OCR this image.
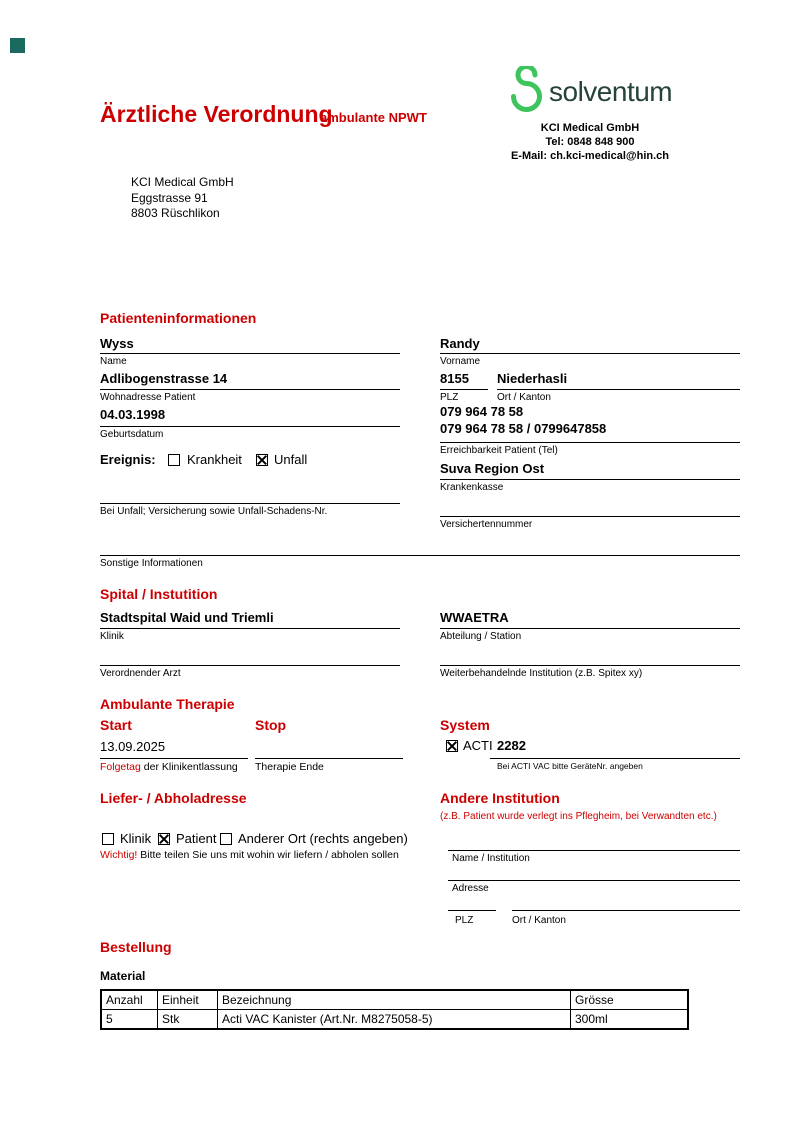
Ärztliche Verordnung
ambulante NPWT
solventum
KCI Medical GmbH
Tel: 0848 848 900
E-Mail: ch.kci-medical@hin.ch
KCI Medical GmbH
Eggstrasse 91
8803 Rüschlikon
Patienteninformationen
Wyss
Name
Adlibogenstrasse 14
Wohnadresse Patient
04.03.1998
Geburtsdatum
Ereignis: Krankheit Unfall
Bei Unfall; Versicherung sowie Unfall-Schadens-Nr.
Randy
Vorname
8155 Niederhasli
PLZ	Ort / Kanton
079 964 78 58
079 964 78 58 / 0799647858
Erreichbarkeit Patient (Tel)
Suva Region Ost
Krankenkasse
Versichertennummer
Sonstige Informationen
Spital / Instutition
Stadtspital Waid und Triemli
Klinik
WWAETRA
Abteilung / Station
Verordnender Arzt	Weiterbehandelnde Institution (z.B. Spitex xy)
Ambulante Therapie
Start	Stop	System
13.09.2025
Folgetag der Klinikentlassung Therapie Ende
ACTI 2282
Bei ACTI VAC bitte GeräteNr. angeben
Liefer- / Abholadresse
Klinik Patient Anderer Ort (rechts angeben)
Wichtig! Bitte teilen Sie uns mit wohin wir liefern / abholen sollen
Andere Institution
(z.B. Patient wurde verlegt ins Pflegheim, bei Verwandten etc.)
Name / Institution
Adresse
PLZ	Ort / Kanton
Bestellung
Material
Anzahl	Einheit	Bezeichnung	Grösse
5	Stk	Acti VAC Kanister (Art.Nr. M8275058-5)	300ml
